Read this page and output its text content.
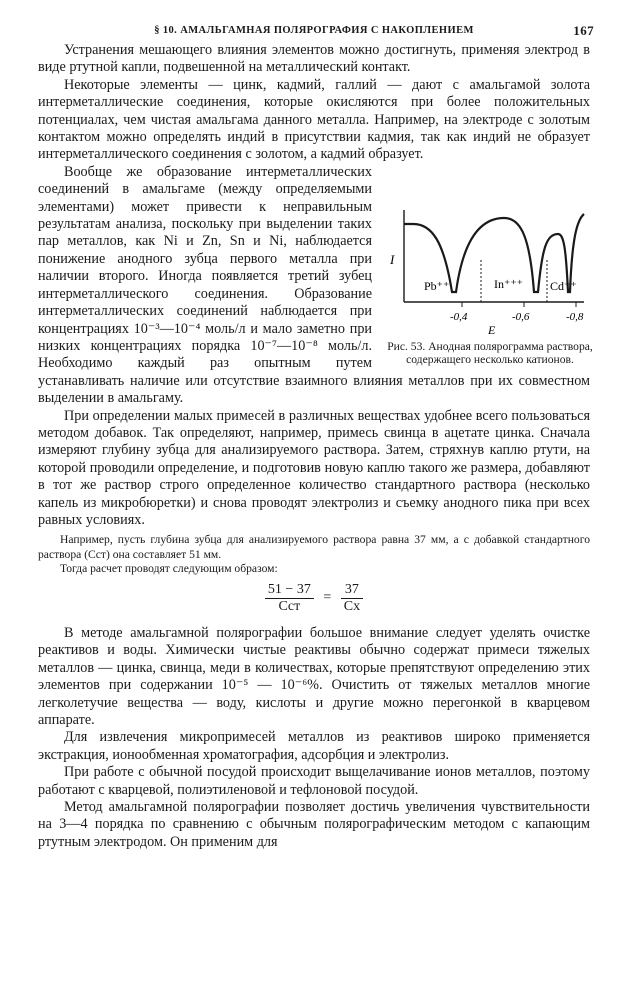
§ 10. АМАЛЬГАМНАЯ ПОЛЯРОГРАФИЯ С НАКОПЛЕНИЕМ	167

Устранения мешающего влияния элементов можно достигнуть, применяя электрод в виде ртутной капли, подвешенной на металлический контакт.

Некоторые элементы — цинк, кадмий, галлий — дают с амальгамой золота интерметаллические соединения, которые окисляются при более положительных потенциалах, чем чистая амальгама данного металла. Например, на электроде с золотым контактом можно определять индий в присутствии кадмия, так как индий не образует интерметаллического соединения с золотом, а кадмий образует.

I
Pb⁺⁺	In⁺⁺⁺ Cd⁺⁺
-0,4	-0,6	-0,8
E
Рис. 53. Анодная полярограмма раствора, содержащего несколько катионов.

Вообще же образование интерметаллических соединений в амальгаме (между определяемыми элементами) может привести к неправильным результатам анализа, поскольку при выделении таких пар металлов, как Ni и Zn, Sn и Ni, наблюдается понижение анодного зубца первого металла при наличии второго. Иногда появляется третий зубец интерметаллического соединения. Образование интерметаллических соединений наблюдается при концентрациях 10⁻³—10⁻⁴ моль/л и мало заметно при низких концентрациях порядка 10⁻⁷—10⁻⁸ моль/л. Необходимо каждый раз опытным путем устанавливать наличие или отсутствие взаимного влияния металлов при их совместном выделении в амальгаму.

При определении малых примесей в различных веществах удобнее всего пользоваться методом добавок. Так определяют, например, примесь свинца в ацетате цинка. Сначала измеряют глубину зубца для анализируемого раствора. Затем, стряхнув каплю ртути, на которой проводили определение, и подготовив новую каплю такого же размера, добавляют в тот же раствор строго определенное количество стандартного раствора (несколько капель из микробюретки) и снова проводят электролиз и съемку анодного пика при всех равных условиях.

Например, пусть глубина зубца для анализируемого раствора равна 37 мм, а с добавкой стандартного раствора (Cст) она составляет 51 мм.

Тогда расчет проводят следующим образом:

$\frac{51 - 37}{\text{Cст}} = \frac{37}{Cx}$

В методе амальгамной полярографии большое внимание следует уделять очистке реактивов и воды. Химически чистые реактивы обычно содержат примеси тяжелых металлов — цинка, свинца, меди в количествах, которые препятствуют определению этих элементов при содержании 10⁻⁵ — 10⁻⁶%. Очистить от тяжелых металлов многие легколетучие вещества — воду, кислоты и другие можно перегонкой в кварцевом аппарате.

Для извлечения микропримесей металлов из реактивов широко применяется экстракция, ионообменная хроматография, адсорбция и электролиз.

При работе с обычной посудой происходит выщелачивание ионов металлов, поэтому работают с кварцевой, полиэтиленовой и тефлоновой посудой.

Метод амальгамной полярографии позволяет достичь увеличения чувствительности на 3—4 порядка по сравнению с обычным полярографическим методом с капающим ртутным электродом. Он применим для
